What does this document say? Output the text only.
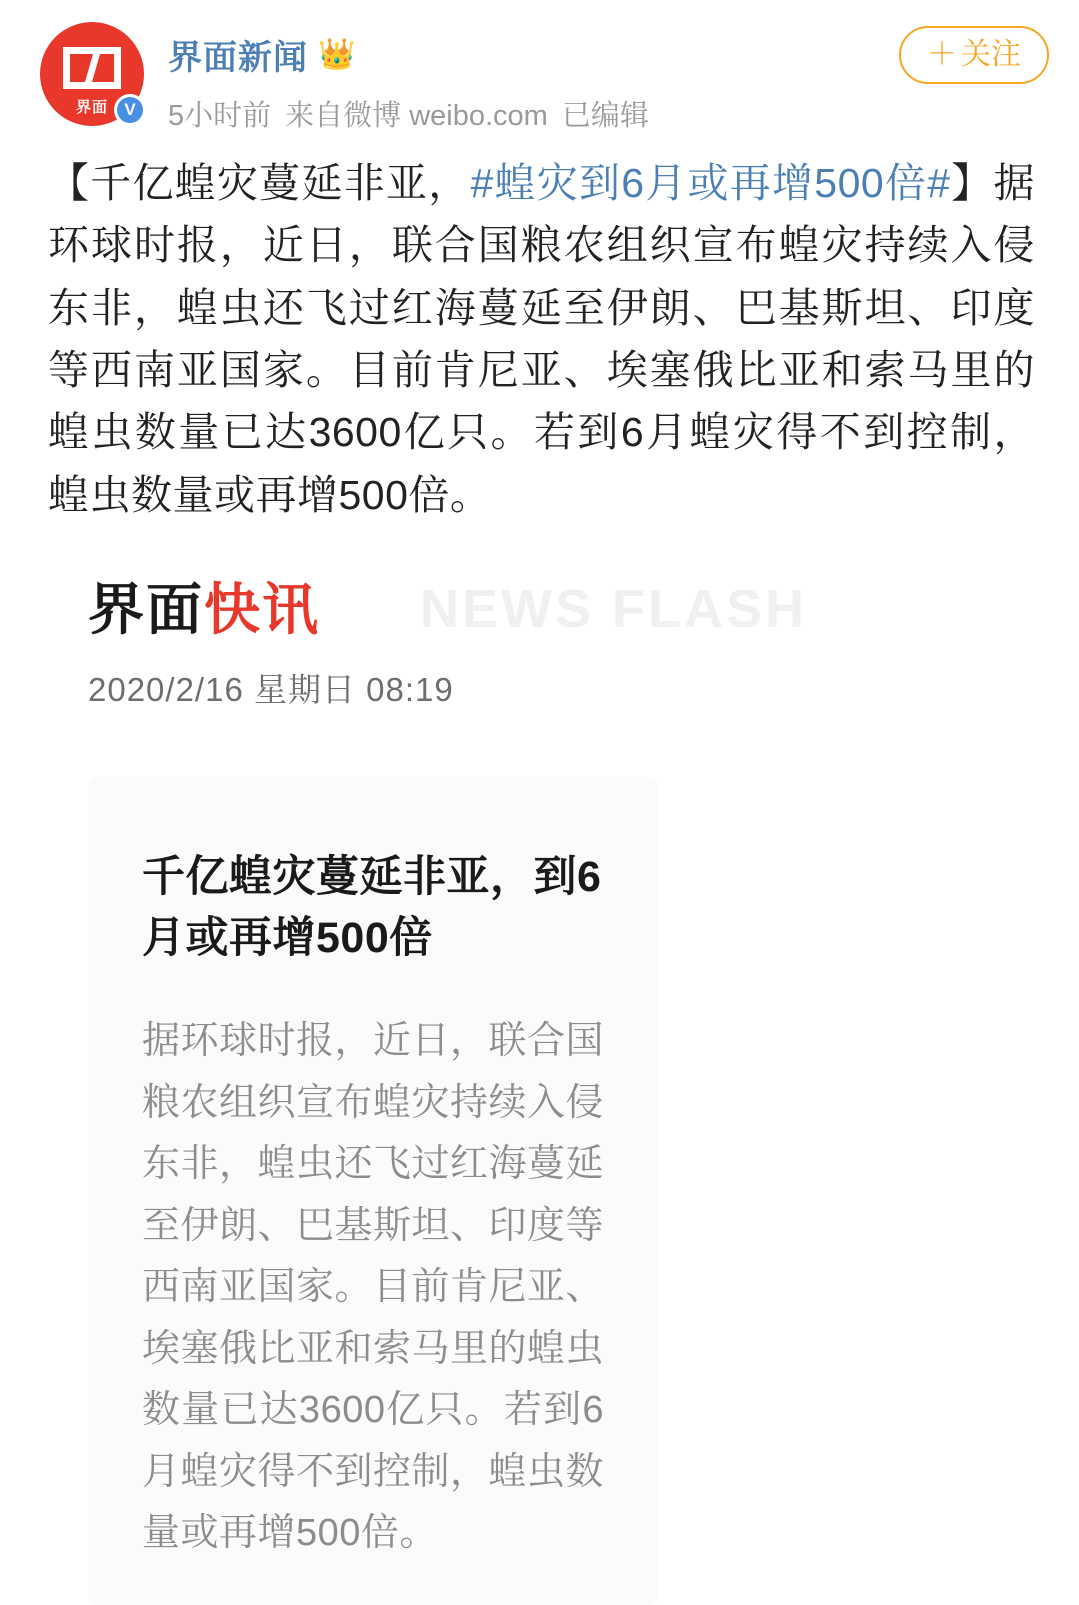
界面 V
界面新闻 👑
5小时前 来自微博 weibo.com 已编辑
＋ 关注
【千亿蝗灾蔓延非亚，#蝗灾到6月或再增500倍#】据环球时报，近日，联合国粮农组织宣布蝗灾持续入侵东非，蝗虫还飞过红海蔓延至伊朗、巴基斯坦、印度等西南亚国家。目前肯尼亚、埃塞俄比亚和索马里的蝗虫数量已达3600亿只。若到6月蝗灾得不到控制，蝗虫数量或再增500倍。
界面快讯 NEWS FLASH
2020/2/16 星期日 08:19
千亿蝗灾蔓延非亚，到6月或再增500倍
据环球时报，近日，联合国粮农组织宣布蝗灾持续入侵东非，蝗虫还飞过红海蔓延至伊朗、巴基斯坦、印度等西南亚国家。目前肯尼亚、埃塞俄比亚和索马里的蝗虫数量已达3600亿只。若到6月蝗灾得不到控制，蝗虫数量或再增500倍。
